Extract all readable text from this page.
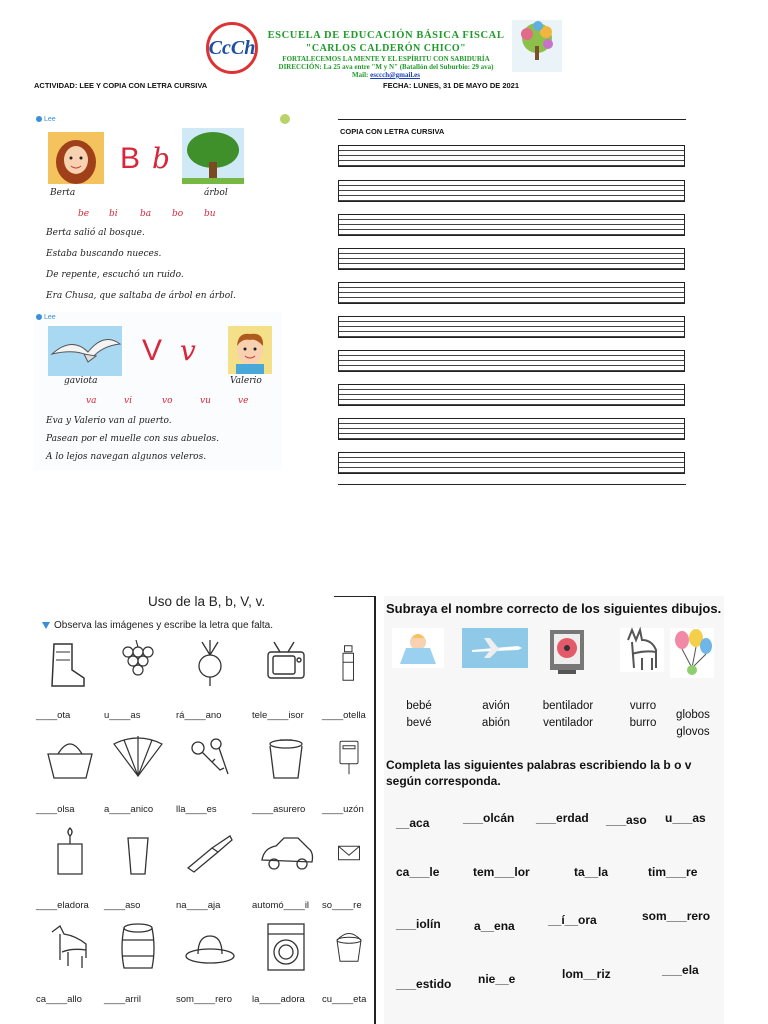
CcCh
ESCUELA DE EDUCACIÓN BÁSICA FISCAL
"CARLOS CALDERÓN CHICO"
FORTALECEMOS LA MENTE Y EL ESPÍRITU CON SABIDURÍA
DIRECCIÓN: La 25 ava entre "M y N" (Batallón del Suburbio: 29 ava)
Mail: esccch@gmail.es
ACTIVIDAD: LEE Y COPIA CON LETRA CURSIVA	FECHA: LUNES, 31 DE MAYO DE 2021
Lee
B b
Berta	árbol
be bi ba bo bu
Berta salió al bosque.
Estaba buscando nueces.
De repente, escuchó un ruido.
Era Chusa, que saltaba de árbol en árbol.
Lee
V v
gaviota	Valerio
va	vi	vo	vu	ve
Eva y Valerio van al puerto.
Pasean por el muelle con sus abuelos.
A lo lejos navegan algunos veleros.
COPIA CON LETRA CURSIVA
Uso de la B, b, V, v.
Observa las imágenes y escribe la letra que falta.
____ota	u____as	rá____ano	tele____isor ____otella
____olsa	a____anico lla____es	____asurero ____uzón
____eladora ____aso	na____aja	automó____il so____re
ca____allo ____arril	som____rero la____adora cu____eta
Subraya el nombre correcto de los siguientes dibujos.
bebé
bevé
avión
abión
bentilador
ventilador
vurro
burro
globos
glovos
Completa las siguientes palabras escribiendo la b o v según corresponda.
__aca	___olcán ___erdad ___aso u___as
ca___le	tem___lor	ta__la	tim___re
___iolín	a__ena	__í__ora	som___rero
___estido nie__e	lom__riz	___ela
